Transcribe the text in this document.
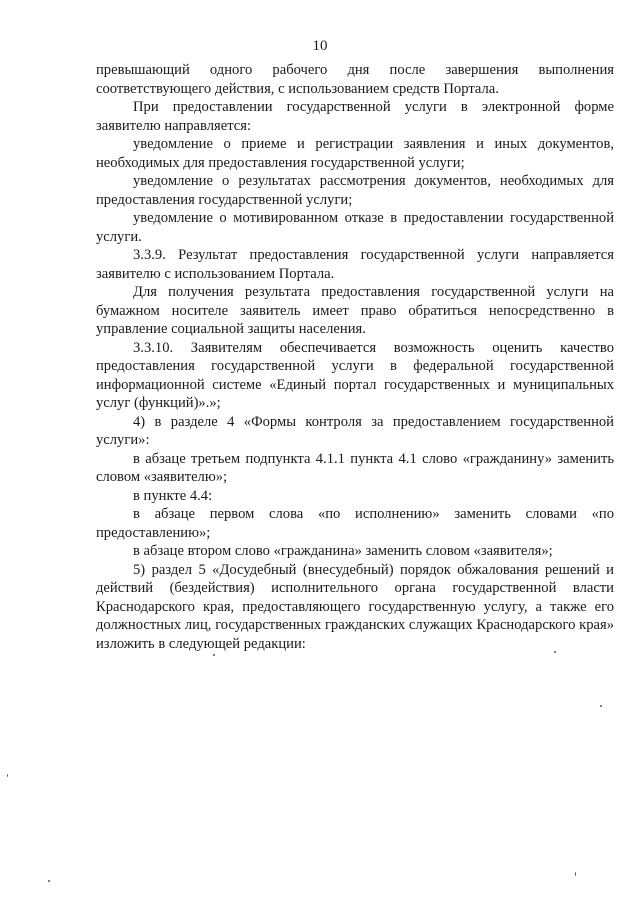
10

превышающий одного рабочего дня после завершения выполнения соответствующего действия, с использованием средств Портала.

При предоставлении государственной услуги в электронной форме заявителю направляется:

уведомление о приеме и регистрации заявления и иных документов, необходимых для предоставления государственной услуги;

уведомление о результатах рассмотрения документов, необходимых для предоставления государственной услуги;

уведомление о мотивированном отказе в предоставлении государственной услуги.

3.3.9. Результат предоставления государственной услуги направляется заявителю с использованием Портала.

Для получения результата предоставления государственной услуги на бумажном носителе заявитель имеет право обратиться непосредственно в управление социальной защиты населения.

3.3.10. Заявителям обеспечивается возможность оценить качество предоставления государственной услуги в федеральной государственной информационной системе «Единый портал государственных и муниципальных услуг (функций)».»;

4) в разделе 4 «Формы контроля за предоставлением государственной услуги»:

в абзаце третьем подпункта 4.1.1 пункта 4.1 слово «гражданину» заменить словом «заявителю»;

в пункте 4.4:

в абзаце первом слова «по исполнению» заменить словами «по предоставлению»;

в абзаце втором слово «гражданина» заменить словом «заявителя»;

5) раздел 5 «Досудебный (внесудебный) порядок обжалования решений и действий (бездействия) исполнительного органа государственной власти Краснодарского края, предоставляющего государственную услугу, а также его должностных лиц, государственных гражданских служащих Краснодарского края» изложить в следующей редакции:
